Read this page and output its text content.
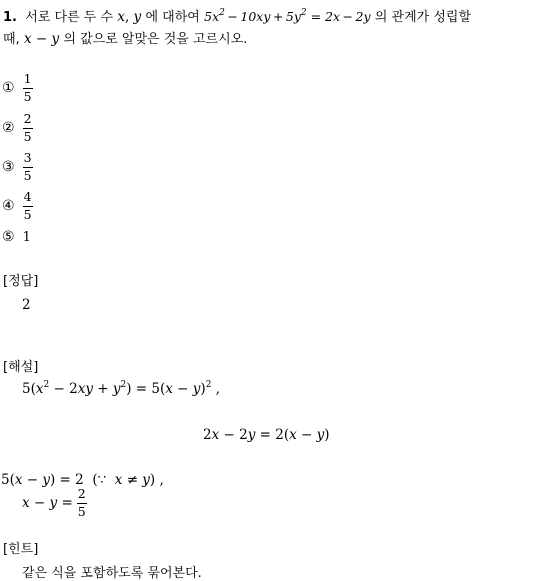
1. 서로 다른 두 수 x, y 에 대하여 $5x^2 - 10xy + 5y^2 = 2x - 2y$ 의 관계가 성립할
때, x − y 의 값으로 알맞은 것을 고르시오.
① $\frac{1}{5}$
② $\frac{2}{5}$
③ $\frac{3}{5}$
④ $\frac{4}{5}$
⑤ 1
[정답]
2
[해설]
$5(x^2 - 2xy + y^2) = 5(x - y)^2$ ,
2x − 2y = 2(x − y)
5(x − y) = 2  (∵  x ≠ y) ,
$x - y = \frac{2}{5}$
[힌트]
같은 식을 포함하도록 묶어본다.
